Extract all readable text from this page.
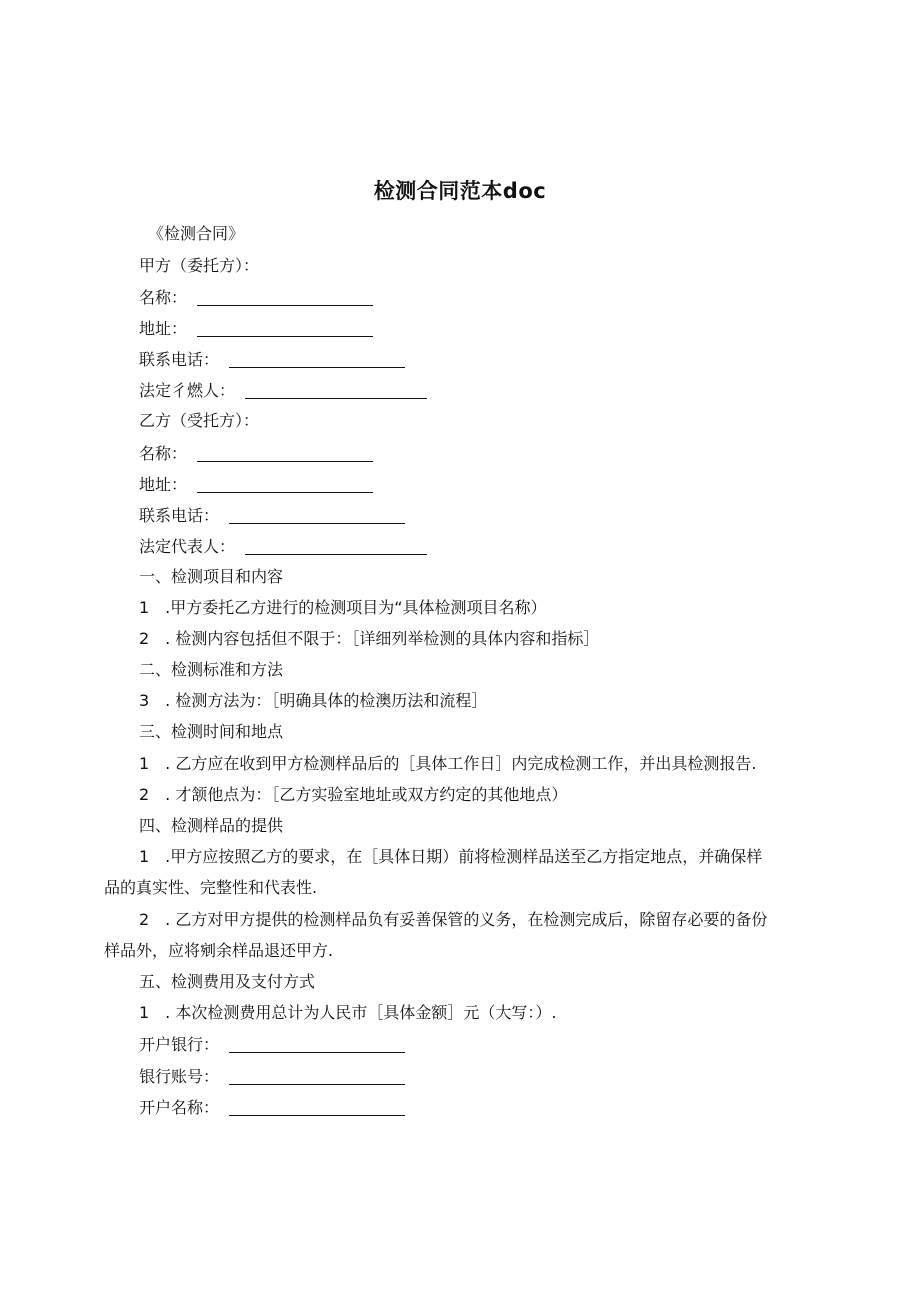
检测合同范本doc
《检测合同》
甲方（委托方）：
名称：
地址：
联系电话：
法定彳燃人：
乙方（受托方）：
名称：
地址：
联系电话：
法定代表人：
一、检测项目和内容
1　.甲方委托乙方进行的检测项目为“具体检测项目名称）
2　. 检测内容包括但不限于：［详细列举检测的具体内容和指标］
二、检测标准和方法
3　. 检测方法为：［明确具体的检澳历法和流程］
三、检测时间和地点
1　. 乙方应在收到甲方检测样品后的［具体工作日］内完成检测工作，并出具检测报告.
2　. 才颔他点为：［乙方实验室地址或双方约定的其他地点）
四、检测样品的提供
1　.甲方应按照乙方的要求，在［具体日期）前将检测样品送至乙方指定地点，并确保样
品的真实性、完整性和代表性.
2　. 乙方对甲方提供的检测样品负有妥善保管的义务，在检测完成后，除留存必要的备份
样品外，应将剜余样品退还甲方.
五、检测费用及支付方式
1　. 本次检测费用总计为人民市［具体金额］元（大写：）.
开户银行：
银行账号：
开户名称：
